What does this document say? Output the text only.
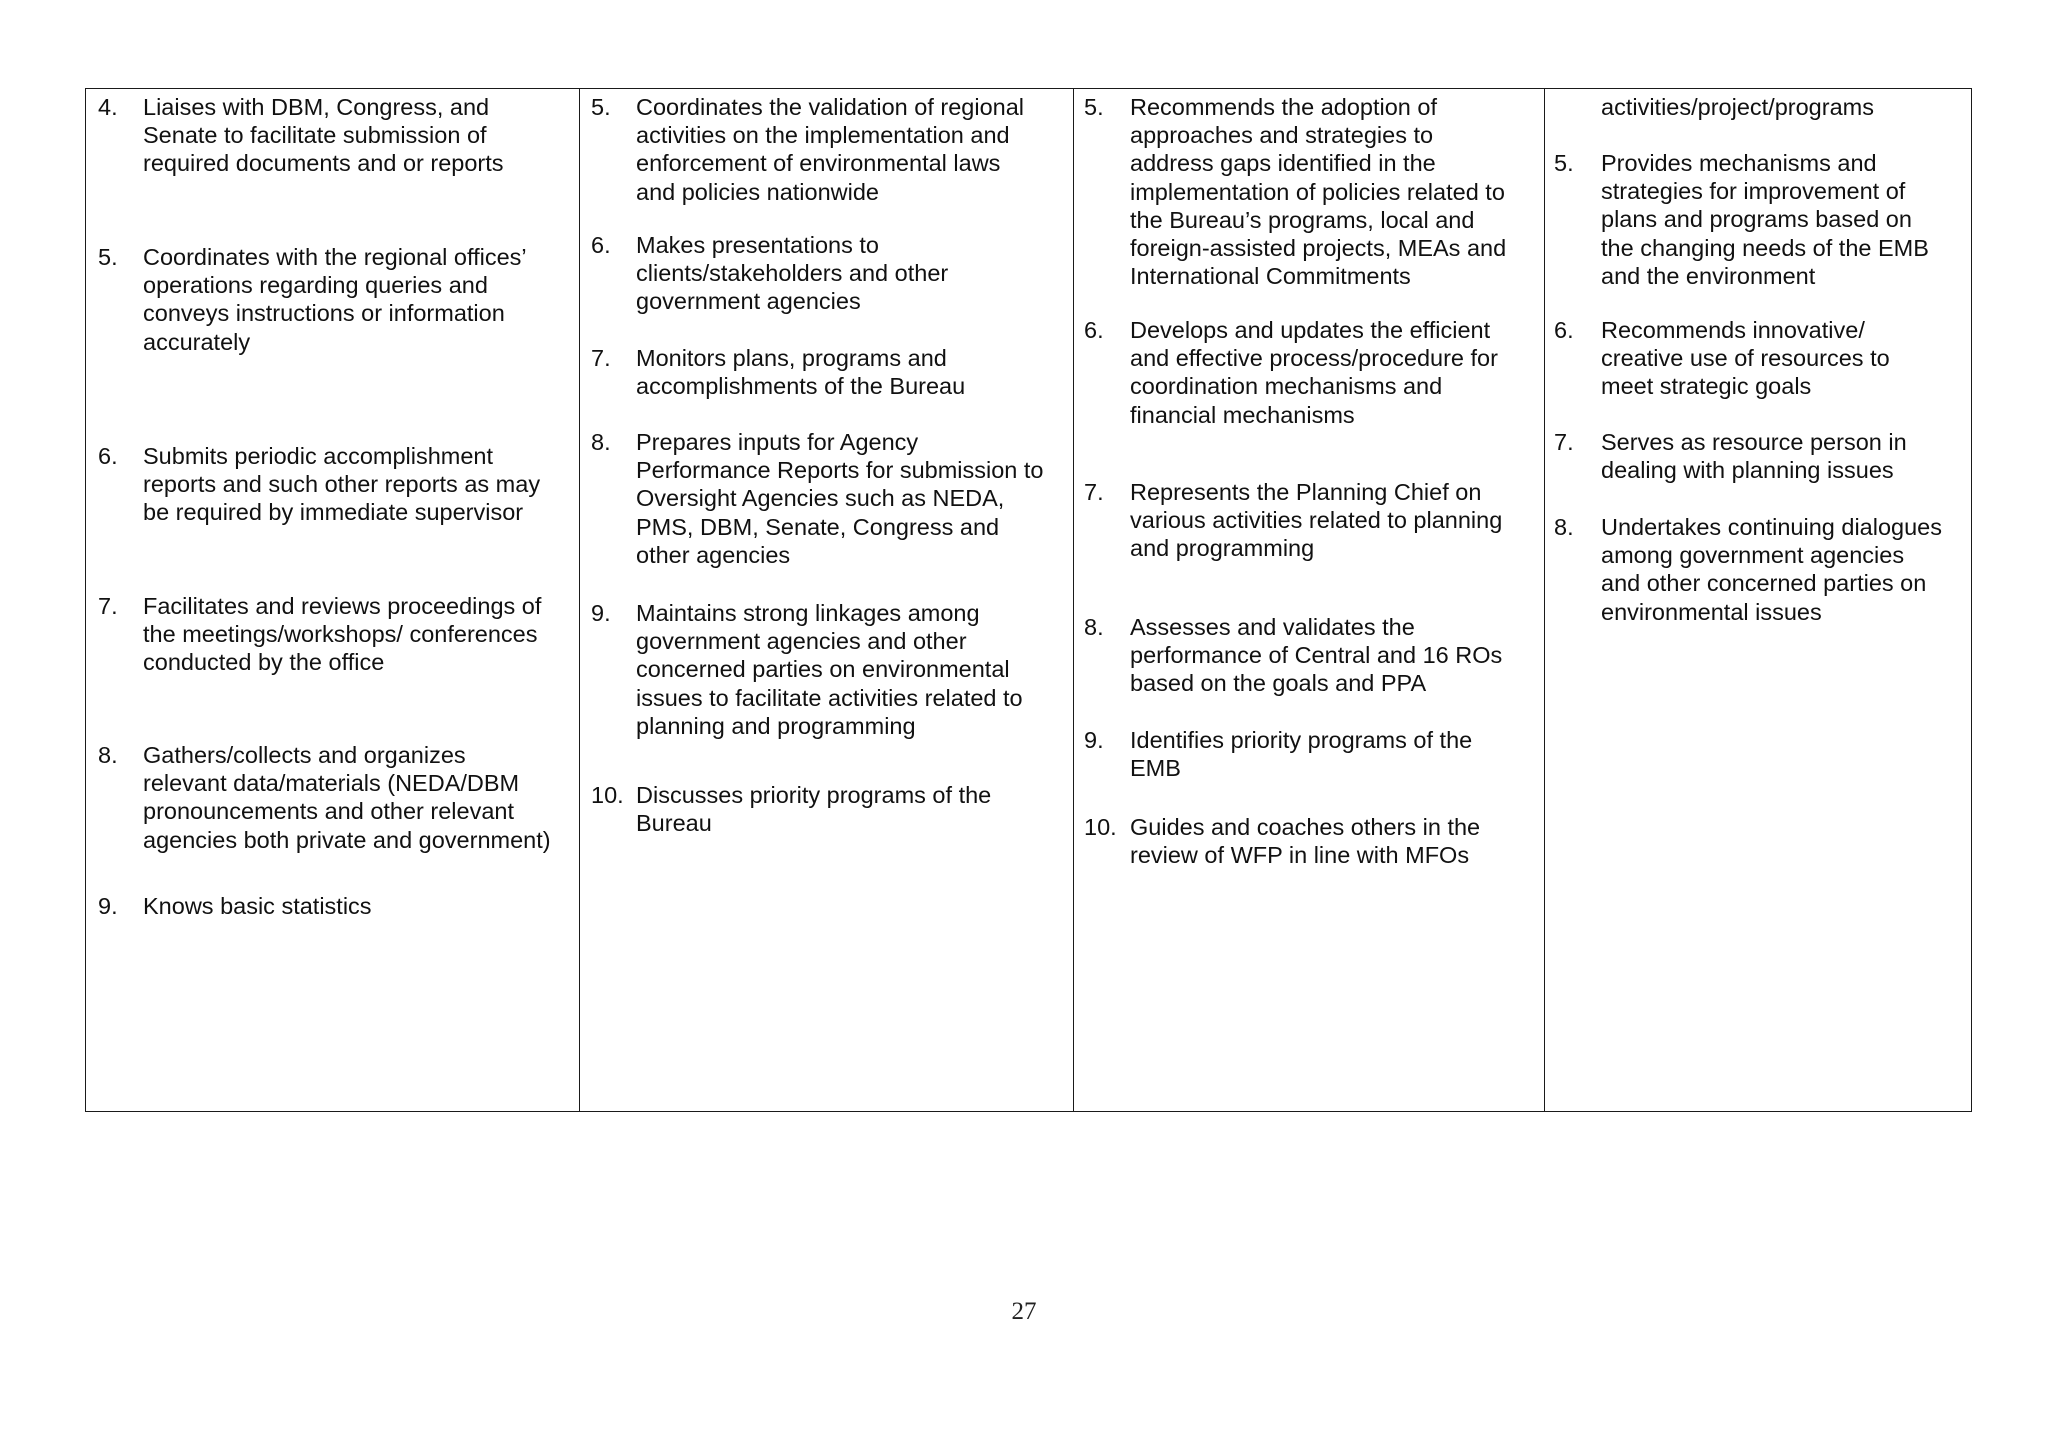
4. Liaises with DBM, Congress, and
Senate to facilitate submission of
required documents and or reports
5. Coordinates with the regional offices’
operations regarding queries and
conveys instructions or information
accurately
6. Submits periodic accomplishment
reports and such other reports as may
be required by immediate supervisor
7. Facilitates and reviews proceedings of
the meetings/workshops/ conferences
conducted by the office
8. Gathers/collects and organizes
relevant data/materials (NEDA/DBM
pronouncements and other relevant
agencies both private and government)
9. Knows basic statistics

5. Coordinates the validation of regional
activities on the implementation and
enforcement of environmental laws
and policies nationwide
6. Makes presentations to
clients/stakeholders and other
government agencies
7. Monitors plans, programs and
accomplishments of the Bureau
8. Prepares inputs for Agency
Performance Reports for submission to
Oversight Agencies such as NEDA,
PMS, DBM, Senate, Congress and
other agencies
9. Maintains strong linkages among
government agencies and other
concerned parties on environmental
issues to facilitate activities related to
planning and programming
10. Discusses priority programs of the
Bureau

5. Recommends the adoption of
approaches and strategies to
address gaps identified in the
implementation of policies related to
the Bureau’s programs, local and
foreign-assisted projects, MEAs and
International Commitments
6. Develops and updates the efficient
and effective process/procedure for
coordination mechanisms and
financial mechanisms
7. Represents the Planning Chief on
various activities related to planning
and programming
8. Assesses and validates the
performance of Central and 16 ROs
based on the goals and PPA
9. Identifies priority programs of the
EMB
10. Guides and coaches others in the
review of WFP in line with MFOs

activities/project/programs
5. Provides mechanisms and
strategies for improvement of
plans and programs based on
the changing needs of the EMB
and the environment
6. Recommends innovative/
creative use of resources to
meet strategic goals
7. Serves as resource person in
dealing with planning issues
8. Undertakes continuing dialogues
among government agencies
and other concerned parties on
environmental issues
27
